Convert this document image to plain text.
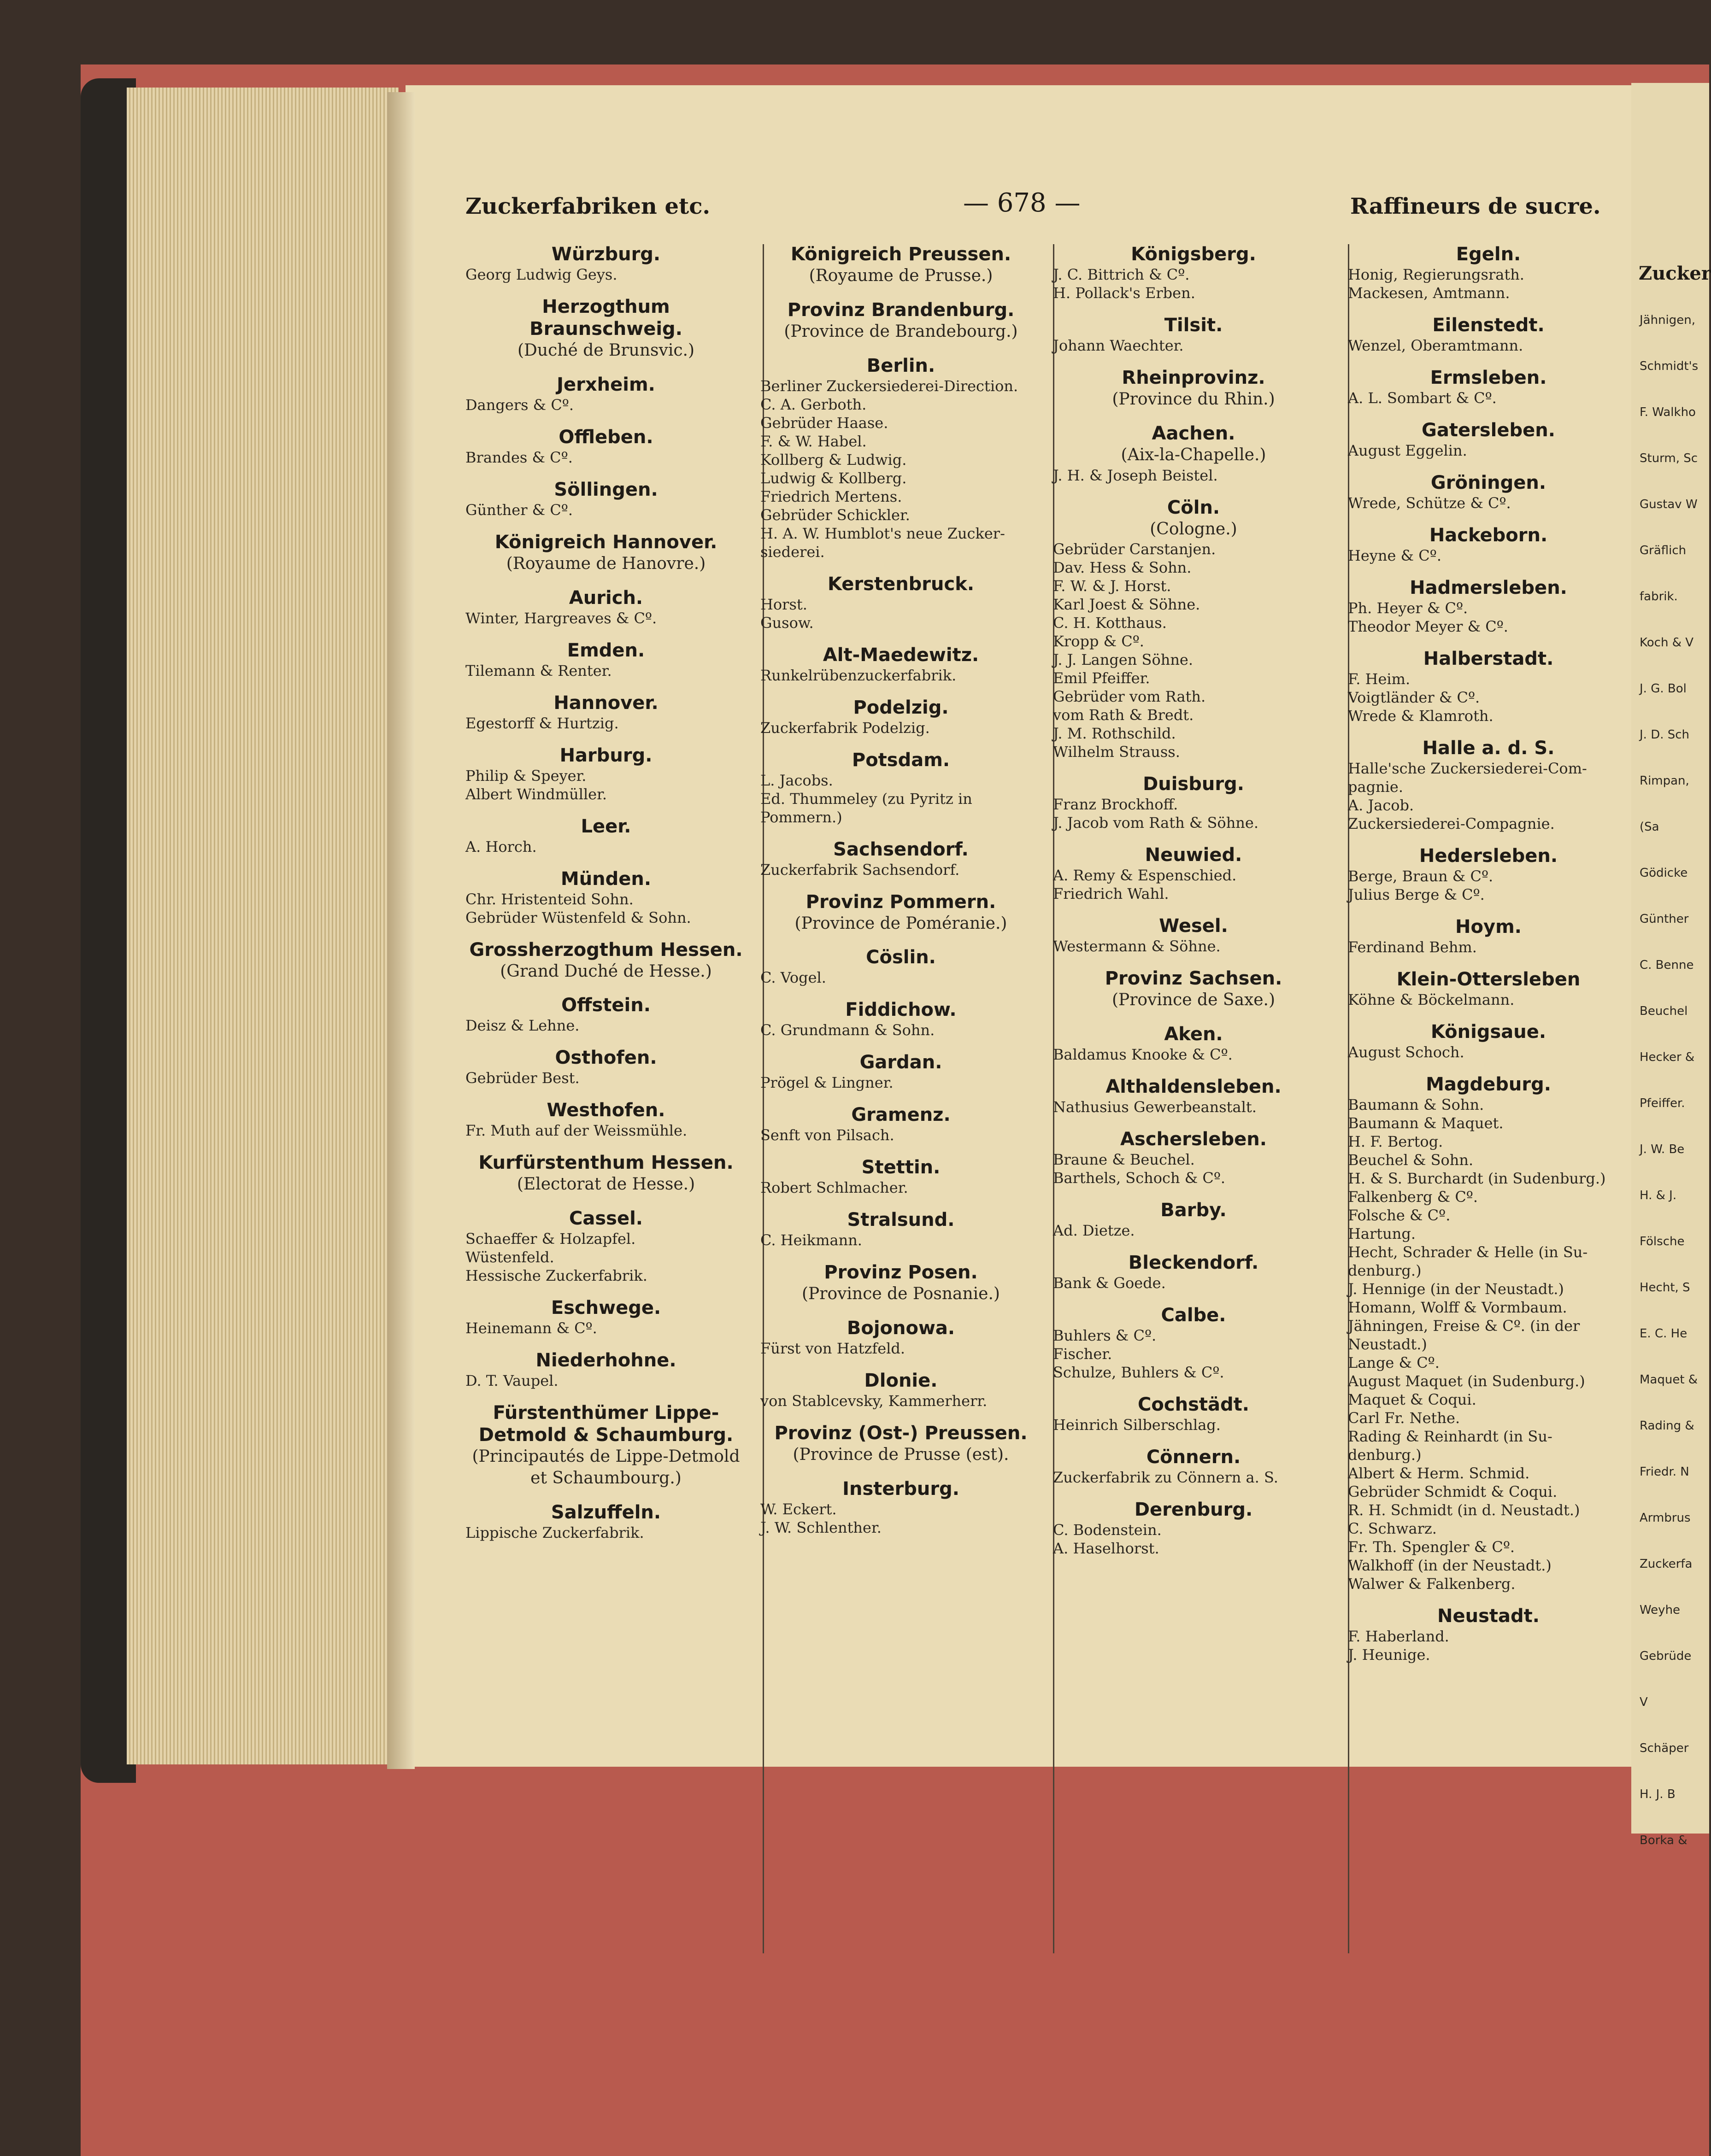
Zuckerfabriken etc.	— 678 —	Raffineurs de sucre.
Würzburg.
Georg Ludwig Geys.
Herzogthum Braunschweig.
(Duché de Brunsvic.)
Jerxheim.
Dangers & Cº.
Offleben.
Brandes & Cº.
Söllingen.
Günther & Cº.
Königreich Hannover.
(Royaume de Hanovre.)
Aurich.
Winter, Hargreaves & Cº.
Emden.
Tilemann & Renter.
Hannover.
Egestorff & Hurtzig.
Harburg.
Philip & Speyer.
Albert Windmüller.
Leer.
A. Horch.
Münden.
Chr. Hristenteid Sohn.
Gebrüder Wüstenfeld & Sohn.
Grossherzogthum Hessen.
(Grand Duché de Hesse.)
Offstein.
Deisz & Lehne.
Osthofen.
Gebrüder Best.
Westhofen.
Fr. Muth auf der Weissmühle.
Kurfürstenthum Hessen.
(Electorat de Hesse.)
Cassel.
Schaeffer & Holzapfel.
Wüstenfeld.
Hessische Zuckerfabrik.
Eschwege.
Heinemann & Cº.
Niederhohne.
D. T. Vaupel.
Fürstenthümer Lippe-Detmold & Schaumburg.
(Principautés de Lippe-Detmold et Schaumbourg.)
Salzuffeln.
Lippische Zuckerfabrik.
Königreich Preussen.
(Royaume de Prusse.)
Provinz Brandenburg.
(Province de Brandebourg.)
Berlin.
Berliner Zuckersiederei-Direction.
C. A. Gerboth.
Gebrüder Haase.
F. & W. Habel.
Kollberg & Ludwig.
Ludwig & Kollberg.
Friedrich Mertens.
Gebrüder Schickler.
H. A. W. Humblot's neue Zucker-
siederei.
Kerstenbruck.
Horst.
Gusow.
Alt-Maedewitz.
Runkelrübenzuckerfabrik.
Podelzig.
Zuckerfabrik Podelzig.
Potsdam.
L. Jacobs.
Ed. Thummeley (zu Pyritz in
Pommern.)
Sachsendorf.
Zuckerfabrik Sachsendorf.
Provinz Pommern.
(Province de Poméranie.)
Cöslin.
C. Vogel.
Fiddichow.
C. Grundmann & Sohn.
Gardan.
Prögel & Lingner.
Gramenz.
Senft von Pilsach.
Stettin.
Robert Schlmacher.
Stralsund.
C. Heikmann.
Provinz Posen.
(Province de Posnanie.)
Bojonowa.
Fürst von Hatzfeld.
Dlonie.
von Stablcevsky, Kammerherr.
Provinz (Ost-) Preussen.
(Province de Prusse (est).
Insterburg.
W. Eckert.
J. W. Schlenther.
Königsberg.
J. C. Bittrich & Cº.
H. Pollack's Erben.
Tilsit.
Johann Waechter.
Rheinprovinz.
(Province du Rhin.)
Aachen.
(Aix-la-Chapelle.)
J. H. & Joseph Beistel.
Cöln.
(Cologne.)
Gebrüder Carstanjen.
Dav. Hess & Sohn.
F. W. & J. Horst.
Karl Joest & Söhne.
C. H. Kotthaus.
Kropp & Cº.
J. J. Langen Söhne.
Emil Pfeiffer.
Gebrüder vom Rath.
vom Rath & Bredt.
J. M. Rothschild.
Wilhelm Strauss.
Duisburg.
Franz Brockhoff.
J. Jacob vom Rath & Söhne.
Neuwied.
A. Remy & Espenschied.
Friedrich Wahl.
Wesel.
Westermann & Söhne.
Provinz Sachsen.
(Province de Saxe.)
Aken.
Baldamus Knooke & Cº.
Althaldensleben.
Nathusius Gewerbeanstalt.
Aschersleben.
Braune & Beuchel.
Barthels, Schoch & Cº.
Barby.
Ad. Dietze.
Bleckendorf.
Bank & Goede.
Calbe.
Buhlers & Cº.
Fischer.
Schulze, Buhlers & Cº.
Cochstädt.
Heinrich Silberschlag.
Cönnern.
Zuckerfabrik zu Cönnern a. S.
Derenburg.
C. Bodenstein.
A. Haselhorst.
Egeln.
Honig, Regierungsrath.
Mackesen, Amtmann.
Eilenstedt.
Wenzel, Oberamtmann.
Ermsleben.
A. L. Sombart & Cº.
Gatersleben.
August Eggelin.
Gröningen.
Wrede, Schütze & Cº.
Hackeborn.
Heyne & Cº.
Hadmersleben.
Ph. Heyer & Cº.
Theodor Meyer & Cº.
Halberstadt.
F. Heim.
Voigtländer & Cº.
Wrede & Klamroth.
Halle a. d. S.
Halle'sche Zuckersiederei-Com-
pagnie.
A. Jacob.
Zuckersiederei-Compagnie.
Hedersleben.
Berge, Braun & Cº.
Julius Berge & Cº.
Hoym.
Ferdinand Behm.
Klein-Ottersleben
Köhne & Böckelmann.
Königsaue.
August Schoch.
Magdeburg.
Baumann & Sohn.
Baumann & Maquet.
H. F. Bertog.
Beuchel & Sohn.
H. & S. Burchardt (in Sudenburg.)
Falkenberg & Cº.
Folsche & Cº.
Hartung.
Hecht, Schrader & Helle (in Su-
denburg.)
J. Hennige (in der Neustadt.)
Homann, Wolff & Vormbaum.
Jähningen, Freise & Cº. (in der
Neustadt.)
Lange & Cº.
August Maquet (in Sudenburg.)
Maquet & Coqui.
Carl Fr. Nethe.
Rading & Reinhardt (in Su-
denburg.)
Albert & Herm. Schmid.
Gebrüder Schmidt & Coqui.
R. H. Schmidt (in d. Neustadt.)
C. Schwarz.
Fr. Th. Spengler & Cº.
Walkhoff (in der Neustadt.)
Walwer & Falkenberg.
Neustadt.
F. Haberland.
J. Heunige.
Zucker
Jähnigen,
Schmidt's
F. Walkho
Sturm, Sc
Gustav W
Gräflich
fabrik.
Koch & V
J. G. Bol
J. D. Sch
Rimpan,
(Sa
Gödicke
Günther
C. Benne
Beuchel
Hecker &
Pfeiffer.
J. W. Be
H. & J.
Fölsche
Hecht, S
E. C. He
Maquet &
Rading &
Friedr. N
Armbrus
Zuckerfa
Weyhe
Gebrüde
V
Schäper
H. J. B
Borka &
